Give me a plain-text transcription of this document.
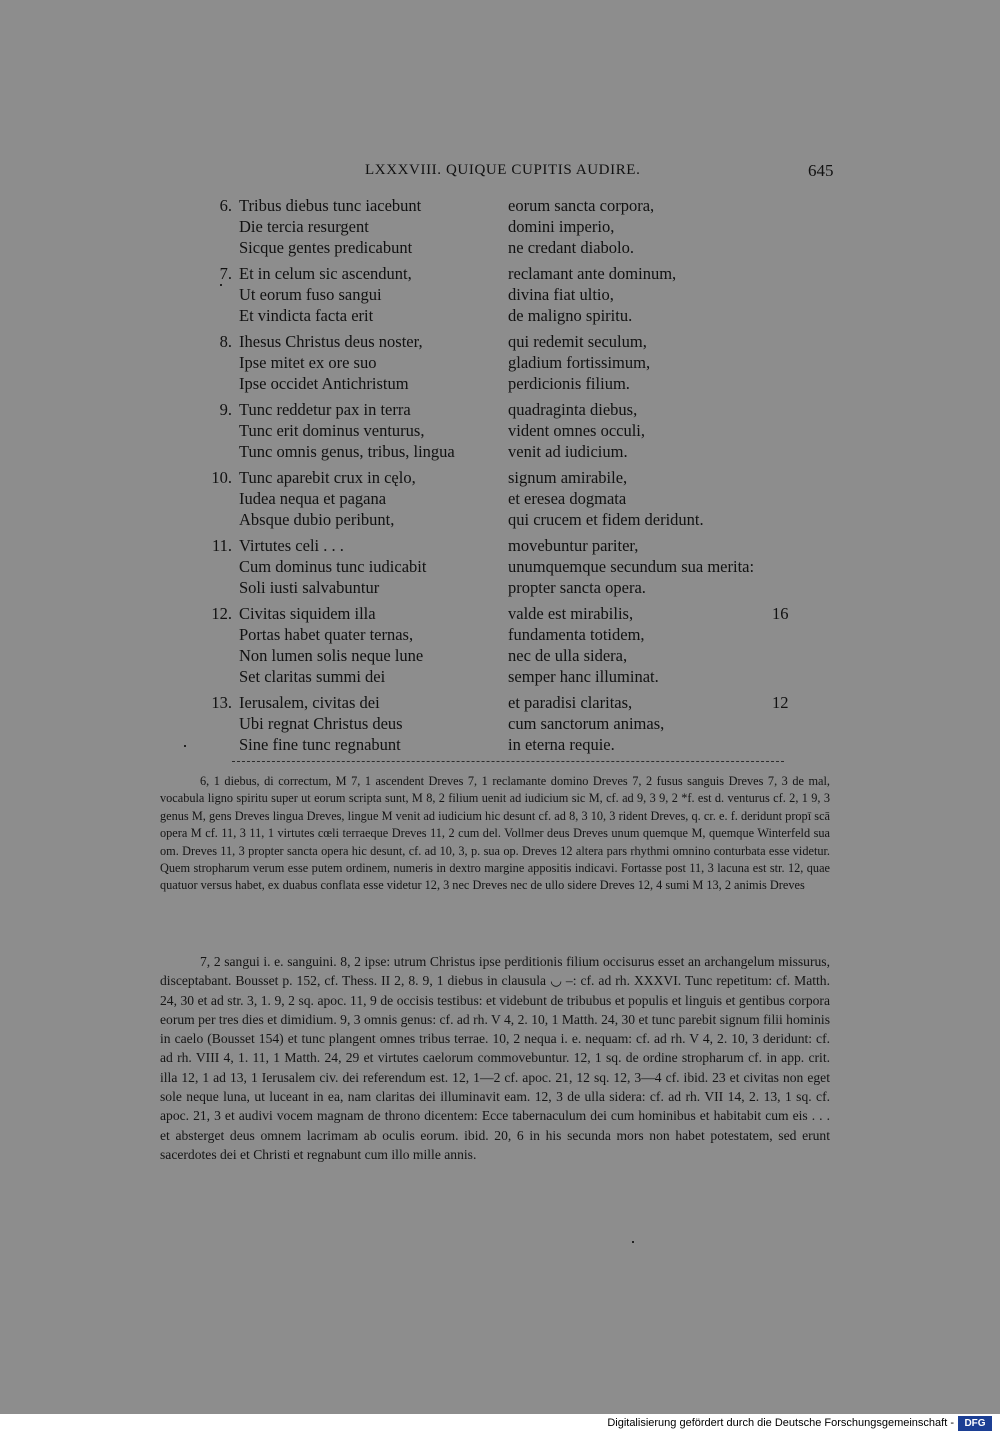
LXXXVIII. QUIQUE CUPITIS AUDIRE.	645
6. Tribus diebus tunc iacebunt	eorum sancta corpora,
Die tercia resurgent	domini imperio,
Sicque gentes predicabunt	ne credant diabolo.
7. Et in celum sic ascendunt,	reclamant ante dominum,
Ut eorum fuso sangui	divina fiat ultio,
Et vindicta facta erit	de maligno spiritu.
8. Ihesus Christus deus noster,	qui redemit seculum,
Ipse mitet ex ore suo	gladium fortissimum,
Ipse occidet Antichristum	perdicionis filium.
9. Tunc reddetur pax in terra	quadraginta diebus,
Tunc erit dominus venturus,	vident omnes occuli,
Tunc omnis genus, tribus, lingua	venit ad iudicium.
10. Tunc aparebit crux in cęlo,	signum amirabile,
Iudea nequa et pagana	et eresea dogmata
Absque dubio peribunt,	qui crucem et fidem deridunt.
11. Virtutes celi . . .	movebuntur pariter,
Cum dominus tunc iudicabit	unumquemque secundum sua merita:
Soli iusti salvabuntur	propter sancta opera.
12. Civitas siquidem illa	valde est mirabilis,	16
Portas habet quater ternas,	fundamenta totidem,
Non lumen solis neque lune	nec de ulla sidera,
Set claritas summi dei	semper hanc illuminat.
13. Ierusalem, civitas dei	et paradisi claritas,	12
Ubi regnat Christus deus	cum sanctorum animas,
Sine fine tunc regnabunt	in eterna requie.

6, 1 diebus, di correctum, M 7, 1 ascendent Dreves 7, 1 reclamante domino Dreves 7, 2 fusus sanguis Dreves 7, 3 de mal, vocabula ligno spiritu super ut eorum scripta sunt, M 8, 2 filium uenit ad iudicium sic M, cf. ad 9, 3 9, 2 *f. est d. venturus cf. 2, 1 9, 3 genus M, gens Dreves lingua Dreves, lingue M venit ad iudicium hic desunt cf. ad 8, 3 10, 3 rident Dreves, q. cr. e. f. deridunt propī scā opera M cf. 11, 3 11, 1 virtutes cœli terraeque Dreves 11, 2 cum del. Vollmer deus Dreves unum quemque M, quemque Winterfeld sua om. Dreves 11, 3 propter sancta opera hic desunt, cf. ad 10, 3, p. sua op. Dreves 12 altera pars rhythmi omnino conturbata esse videtur. Quem stropharum verum esse putem ordinem, numeris in dextro margine appositis indicavi. Fortasse post 11, 3 lacuna est str. 12, quae quatuor versus habet, ex duabus conflata esse videtur 12, 3 nec Dreves nec de ullo sidere Dreves 12, 4 sumi M 13, 2 animis Dreves

7, 2 sangui i. e. sanguini. 8, 2 ipse: utrum Christus ipse perditionis filium occisurus esset an archangelum missurus, disceptabant. Bousset p. 152, cf. Thess. II 2, 8. 9, 1 diebus in clausula ◡ –: cf. ad rh. XXXVI. Tunc repetitum: cf. Matth. 24, 30 et ad str. 3, 1. 9, 2 sq. apoc. 11, 9 de occisis testibus: et videbunt de tribubus et populis et linguis et gentibus corpora eorum per tres dies et dimidium. 9, 3 omnis genus: cf. ad rh. V 4, 2. 10, 1 Matth. 24, 30 et tunc parebit signum filii hominis in caelo (Bousset 154) et tunc plangent omnes tribus terrae. 10, 2 nequa i. e. nequam: cf. ad rh. V 4, 2. 10, 3 deridunt: cf. ad rh. VIII 4, 1. 11, 1 Matth. 24, 29 et virtutes caelorum commovebuntur. 12, 1 sq. de ordine stropharum cf. in app. crit. illa 12, 1 ad 13, 1 Ierusalem civ. dei referendum est. 12, 1—2 cf. apoc. 21, 12 sq. 12, 3—4 cf. ibid. 23 et civitas non eget sole neque luna, ut luceant in ea, nam claritas dei illuminavit eam. 12, 3 de ulla sidera: cf. ad rh. VII 14, 2. 13, 1 sq. cf. apoc. 21, 3 et audivi vocem magnam de throno dicentem: Ecce tabernaculum dei cum hominibus et habitabit cum eis . . . et absterget deus omnem lacrimam ab oculis eorum. ibid. 20, 6 in his secunda mors non habet potestatem, sed erunt sacerdotes dei et Christi et regnabunt cum illo mille annis.

Digitalisierung gefördert durch die Deutsche Forschungsgemeinschaft -	DFG
